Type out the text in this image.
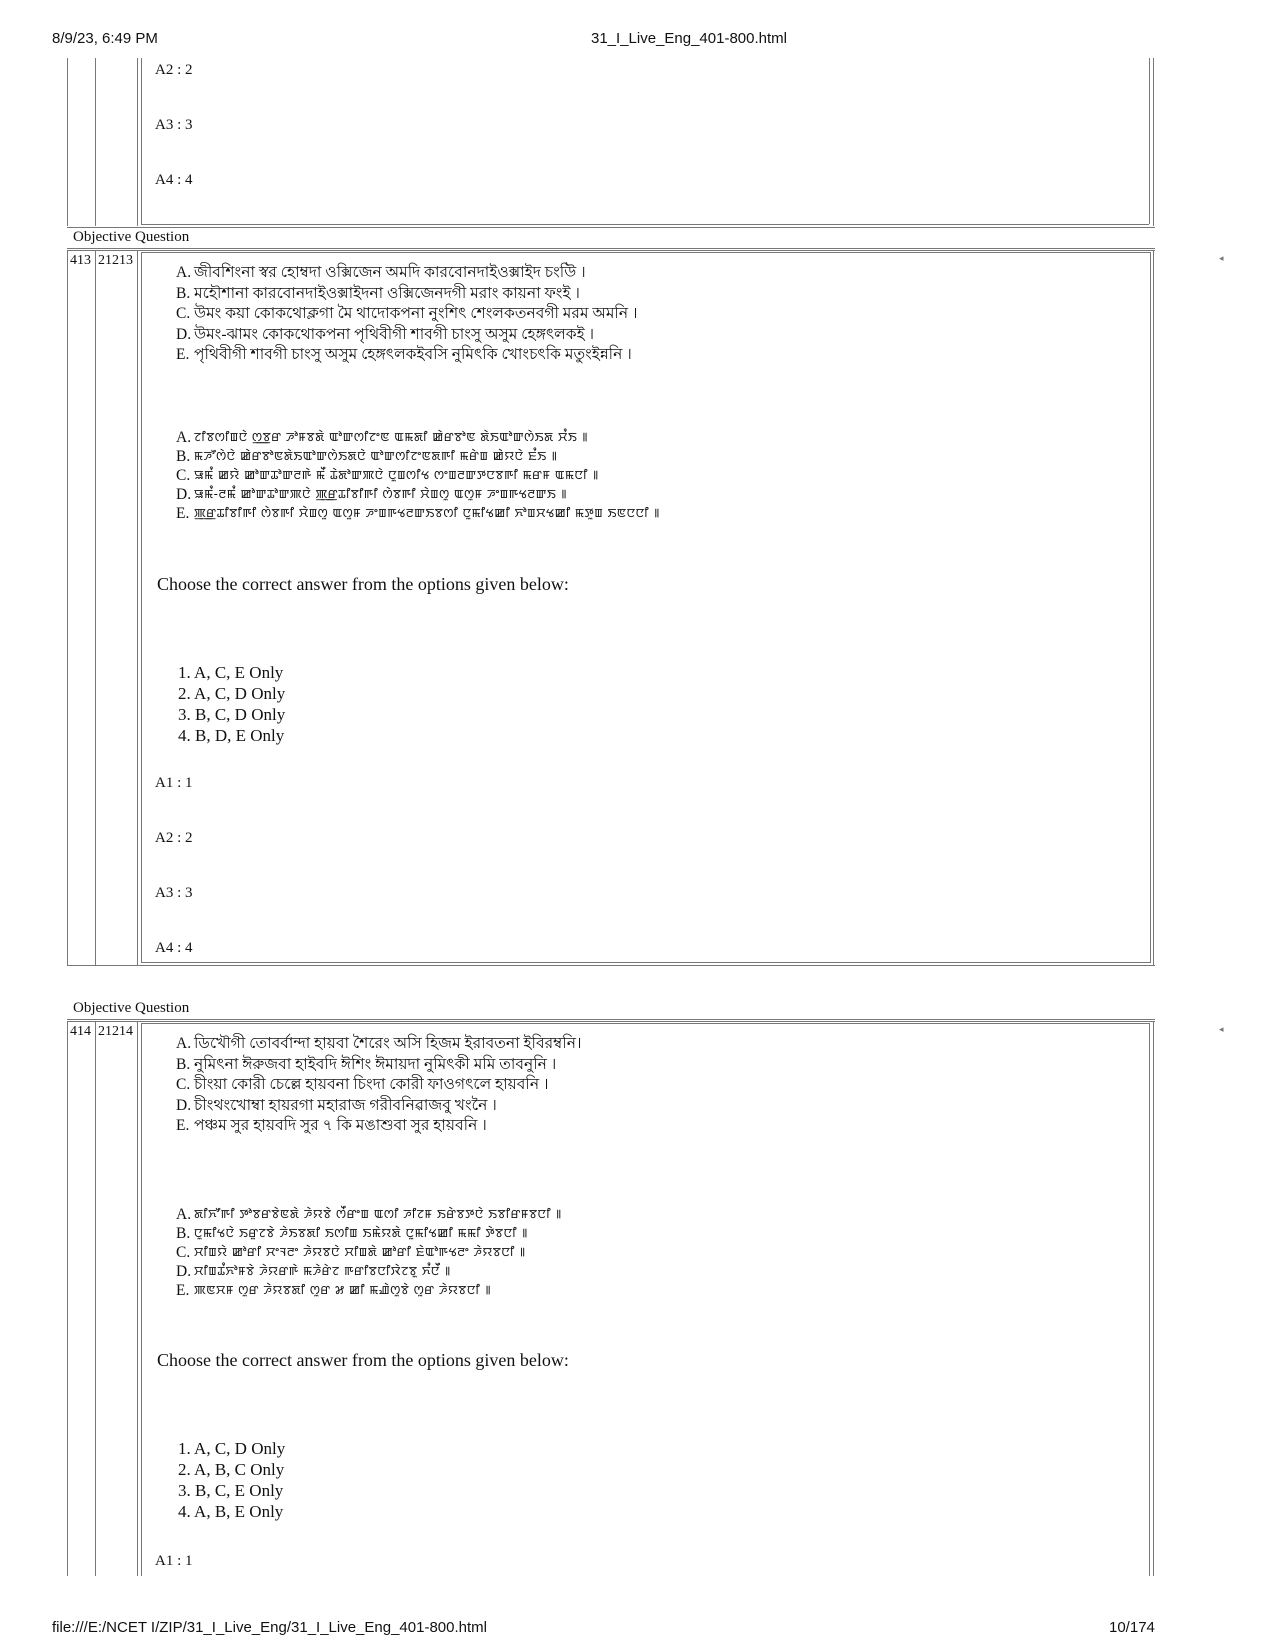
8/9/23, 6:49 PM	31_I_Live_Eng_401-800.html
file:///E:/NCET I/ZIP/31_I_Live_Eng/31_I_Live_Eng_401-800.html	10/174
A2 : 2
A3 : 3
A4 : 4
Objective Question
◂
413 21213
A. জীবশিংনা স্বর হোম্বদা ওক্সিজেন অমদি কারবোনদাইওক্সাইদ চংউি ।
B. মহৌশানা কারবোনদাইওক্সাইদনা ওক্সিজেনদগী মরাং কায়না ফংই ।
C. উমং কয়া কোকথোক্লগা মৈ থাদোকপনা নুংশিৎ শেংলকতনবগী মরম অমনি ।
D. উমং-ঝামং কোকথোকপনা পৃথিবীগী শাবগী চাংসু অসুম হেঙ্গৎলকই ।
E. পৃথিবীগী শাবগী চাংসু অসুম হেঙ্গৎলকইবসি নুমিৎকি খোংচৎকি মতুংইন্ননি ।
A. ꯖꯤꯕꯁꯤꯡꯅꯥ ꯁ꯭ꯕꯔ ꯍꯣꯝꯕꯗꯥ ꯑꯣꯛꯁꯤꯖꯦꯟ ꯑꯃꯗꯤ ꯀꯥꯔꯕꯣꯟ ꯗꯥꯏꯑꯣꯛꯁꯥꯏꯗ ꯆꯪꯏ ꯫
B. ꯃꯍꯧꯁꯥꯅꯥ ꯀꯥꯔꯕꯣꯟꯗꯥꯏꯑꯣꯛꯁꯥꯏꯗꯅꯥ ꯑꯣꯛꯁꯤꯖꯦꯟꯗꯒꯤ ꯃꯔꯥꯡ ꯀꯥꯌꯅꯥ ꯐꯪꯏ ꯫
C. ꯎꯃꯪ ꯀꯌꯥ ꯀꯣꯛꯊꯣꯛꯂꯒꯥ ꯃꯩ ꯊꯥꯗꯣꯛꯄꯅꯥ ꯅꯨꯡꯁꯤꯠ ꯁꯦꯡꯂꯛꯇꯅꯕꯒꯤ ꯃꯔꯝ ꯑꯃꯅꯤ ꯫
D. ꯎꯃꯪ-ꯂꯃꯪ ꯀꯣꯛꯊꯣꯛꯄꯅꯥ ꯄ꯭ꯔꯊꯤꯕꯤꯒꯤ ꯁꯥꯕꯒꯤ ꯆꯥꯡꯁꯨ ꯑꯁꯨꯝ ꯍꯦꯡꯒꯠꯂꯛꯏ ꯫
E. ꯄ꯭ꯔꯊꯤꯕꯤꯒꯤ ꯁꯥꯕꯒꯤ ꯆꯥꯡꯁꯨ ꯑꯁꯨꯝ ꯍꯦꯡꯒꯠꯂꯛꯏꯕꯁꯤ ꯅꯨꯃꯤꯠꯀꯤ ꯈꯣꯡꯆꯠꯀꯤ ꯃꯇꯨꯡ ꯏꯟꯅꯅꯤ ꯫
Choose the correct answer from the options given below:
1. A, C, E Only
2. A, C, D Only
3. B, C, D Only
4. B, D, E Only
A1 : 1
A2 : 2
A3 : 3
A4 : 4
Objective Question
◂
414 21214
A. ডিখৌগী তোবর্বান্দা হায়বা শৈরেং অসি হিজম ইরাবতনা ইবিরম্বনি।
B. নুমিৎনা ঈরুজবা হাইবদি ঈশিং ঈমায়দা নুমিৎকী মমি তাবনুনি ।
C. চীংয়া কোরী চেল্লে হায়বনা চিংদা কোরী ফাওগৎলে হায়বনি ।
D. চীংথংখোম্বা হায়রগা মহারাজ গরীবনিৱাজবু খংনৈ ।
E. পঞ্চম সুর হায়বদি সুর ৭ কি মঙাশুবা সুর হায়বনি ।
A. ꯗꯤꯈꯧꯒꯤ ꯇꯣꯕꯔꯕꯥꯟꯗꯥ ꯍꯥꯌꯕꯥ ꯁꯩꯔꯦꯡ ꯑꯁꯤ ꯍꯤꯖꯝ ꯏꯔꯥꯕꯇꯅꯥ ꯏꯕꯤꯔꯝꯕꯅꯤ ꯫
B. ꯅꯨꯃꯤꯠꯅꯥ ꯏꯔꯨꯖꯕꯥ ꯍꯥꯏꯕꯗꯤ ꯏꯁꯤꯡ ꯏꯃꯥꯌꯗꯥ ꯅꯨꯃꯤꯠꯀꯤ ꯃꯃꯤ ꯇꯥꯕꯅꯤ ꯫
C. ꯆꯤꯡꯌꯥ ꯀꯣꯔꯤ ꯆꯦꯜꯂꯦ ꯍꯥꯌꯕꯅꯥ ꯆꯤꯡꯗꯥ ꯀꯣꯔꯤ ꯐꯥꯑꯣꯒꯠꯂꯦ ꯍꯥꯌꯕꯅꯤ ꯫
D. ꯆꯤꯡꯊꯪꯈꯣꯝꯕꯥ ꯍꯥꯌꯔꯒꯥ ꯃꯍꯥꯔꯥꯖ ꯒꯔꯤꯕꯅꯤꯋꯥꯖꯕꯨ ꯈꯪꯅꯩ ꯫
E. ꯄꯟꯆꯝ ꯁꯨꯔ ꯍꯥꯌꯕꯗꯤ ꯁꯨꯔ ꯷ ꯀꯤ ꯃꯉꯥꯁꯨꯕꯥ ꯁꯨꯔ ꯍꯥꯌꯕꯅꯤ ꯫
Choose the correct answer from the options given below:
1. A, C, D Only
2. A, B, C Only
3. B, C, E Only
4. A, B, E Only
A1 : 1
